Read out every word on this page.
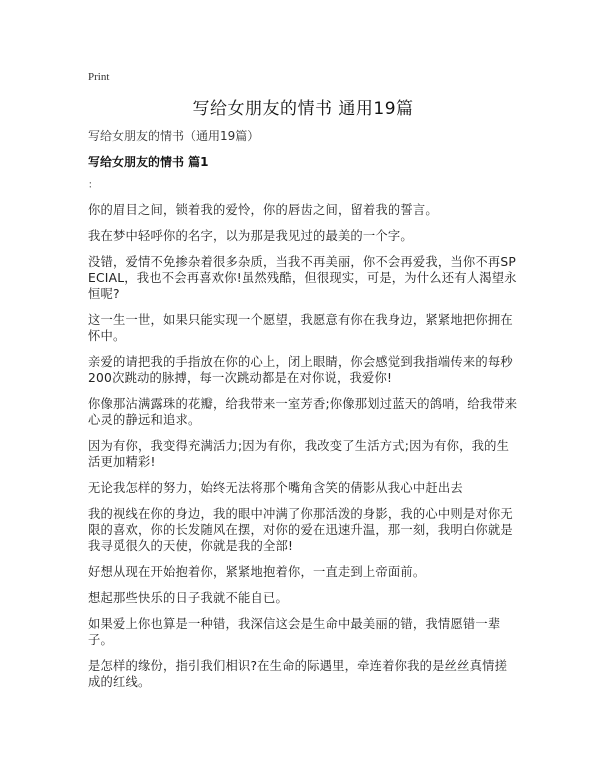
Print

写给女朋友的情书 通用19篇

写给女朋友的情书（通用19篇）

写给女朋友的情书 篇1

：

你的眉目之间，锁着我的爱怜，你的唇齿之间，留着我的誓言。

我在梦中轻呼你的名字，以为那是我见过的最美的一个字。

没错，爱情不免掺杂着很多杂质，当我不再美丽，你不会再爱我，当你不再SPECIAL，我也不会再喜欢你!虽然残酷，但很现实，可是，为什么还有人渴望永恒呢?

这一生一世，如果只能实现一个愿望，我愿意有你在我身边，紧紧地把你拥在怀中。

亲爱的请把我的手指放在你的心上，闭上眼睛，你会感觉到我指端传来的每秒200次跳动的脉搏，每一次跳动都是在对你说，我爱你!

你像那沾满露珠的花瓣，给我带来一室芳香;你像那划过蓝天的鸽哨，给我带来心灵的静远和追求。

因为有你，我变得充满活力;因为有你，我改变了生活方式;因为有你，我的生活更加精彩!

无论我怎样的努力，始终无法将那个嘴角含笑的倩影从我心中赶出去

我的视线在你的身边，我的眼中冲满了你那活泼的身影，我的心中则是对你无限的喜欢，你的长发随风在摆，对你的爱在迅速升温，那一刻，我明白你就是我寻觅很久的天使，你就是我的全部!

好想从现在开始抱着你，紧紧地抱着你，一直走到上帝面前。

想起那些快乐的日子我就不能自已。

如果爱上你也算是一种错，我深信这会是生命中最美丽的错，我情愿错一辈子。

是怎样的缘份，指引我们相识?在生命的际遇里，牵连着你我的是丝丝真情搓成的红线。
